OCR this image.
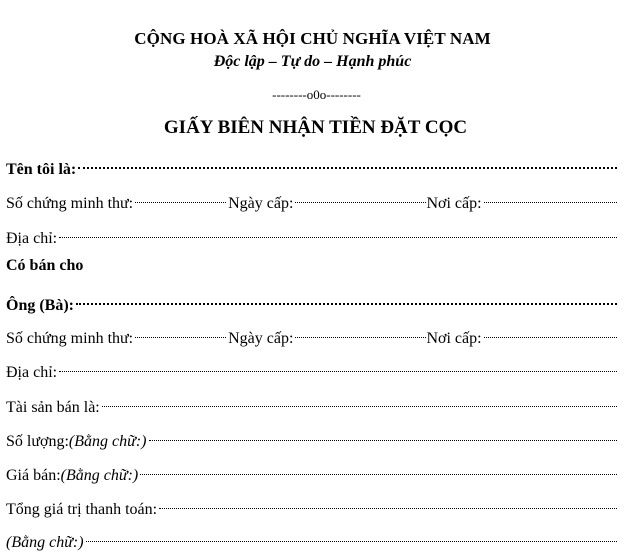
CỘNG HOÀ XÃ HỘI CHỦ NGHĨA VIỆT NAM
Độc lập – Tự do – Hạnh phúc
--------o0o--------
GIẤY BIÊN NHẬN TIỀN ĐẶT CỌC
Tên tôi là:
Số chứng minh thư:	Ngày cấp:	Nơi cấp:
Địa chỉ:
Có bán cho
Ông (Bà):
Số chứng minh thư:	Ngày cấp:	Nơi cấp:
Địa chỉ:
Tài sản bán là:
Số lượng: (Bằng chữ:)
Giá bán: (Bằng chữ:)
Tổng giá trị thanh toán:
(Bằng chữ:)
